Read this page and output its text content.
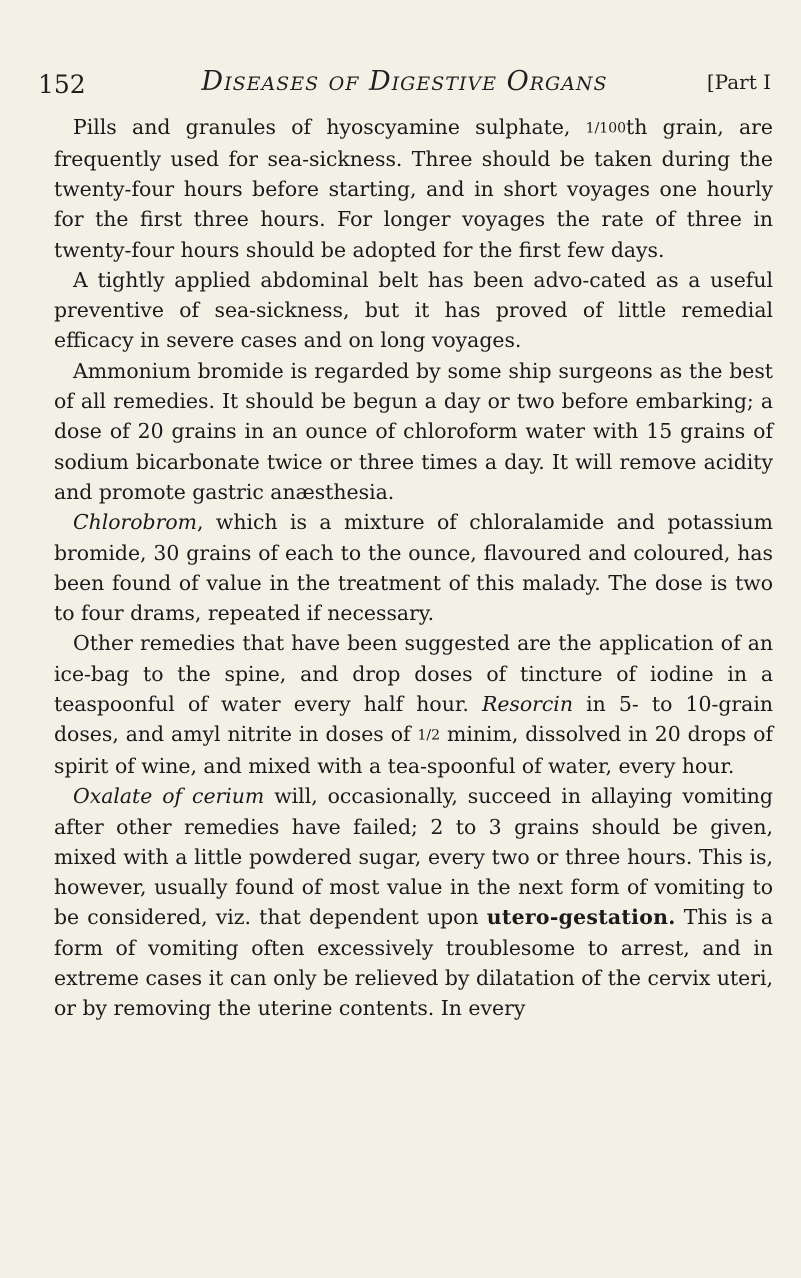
152	Diseases of Digestive Organs	[Part I

Pills and granules of hyoscyamine sulphate, 1/100th grain, are frequently used for sea-sickness. Three should be taken during the twenty-four hours before starting, and in short voyages one hourly for the first three hours. For longer voyages the rate of three in twenty-four hours should be adopted for the first few days.

A tightly applied abdominal belt has been advo-cated as a useful preventive of sea-sickness, but it has proved of little remedial efficacy in severe cases and on long voyages.

Ammonium bromide is regarded by some ship surgeons as the best of all remedies. It should be begun a day or two before embarking; a dose of 20 grains in an ounce of chloroform water with 15 grains of sodium bicarbonate twice or three times a day. It will remove acidity and promote gastric anæsthesia.

Chlorobrom, which is a mixture of chloralamide and potassium bromide, 30 grains of each to the ounce, flavoured and coloured, has been found of value in the treatment of this malady. The dose is two to four drams, repeated if necessary.

Other remedies that have been suggested are the application of an ice-bag to the spine, and drop doses of tincture of iodine in a teaspoonful of water every half hour. Resorcin in 5- to 10-grain doses, and amyl nitrite in doses of 1/2 minim, dissolved in 20 drops of spirit of wine, and mixed with a tea-spoonful of water, every hour.

Oxalate of cerium will, occasionally, succeed in allaying vomiting after other remedies have failed; 2 to 3 grains should be given, mixed with a little powdered sugar, every two or three hours. This is, however, usually found of most value in the next form of vomiting to be considered, viz. that dependent upon utero-gestation. This is a form of vomiting often excessively troublesome to arrest, and in extreme cases it can only be relieved by dilatation of the cervix uteri, or by removing the uterine contents. In every
